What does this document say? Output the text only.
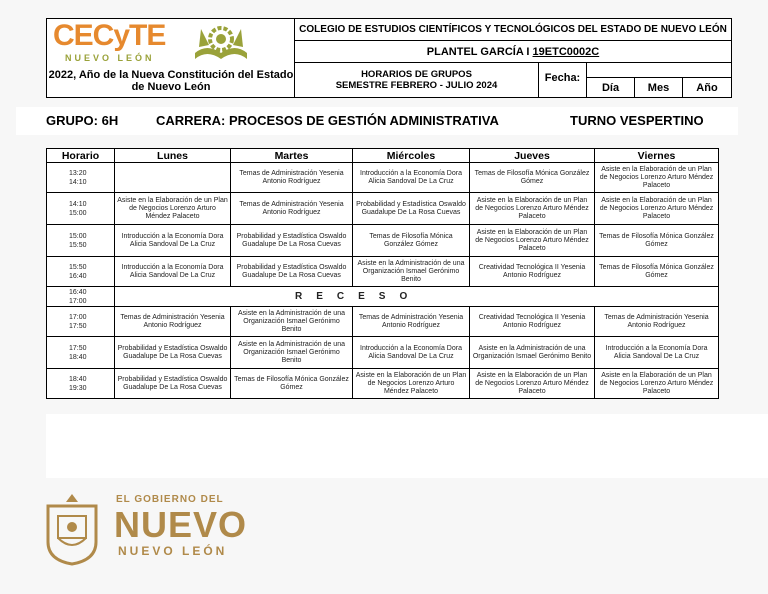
CECyTE
NUEVO LEÓN
2022, Año de la Nueva Constitución del Estado de Nuevo León
COLEGIO DE ESTUDIOS CIENTÍFICOS Y TECNOLÓGICOS DEL ESTADO DE NUEVO LEÓN
PLANTEL GARCÍA I 19ETC0002C
HORARIOS DE GRUPOS
SEMESTRE FEBRERO - JULIO 2024
Fecha:
Día	Mes	Año
GRUPO: 6H	CARRERA: PROCESOS DE GESTIÓN ADMINISTRATIVA	TURNO VESPERTINO
Horario	Lunes	Martes	Miércoles	Jueves	Viernes

13:20
14:10		Temas de Administración Yesenia Antonio Rodríguez	Introducción a la Economía Dora Alicia Sandoval De La Cruz	Temas de Filosofía Mónica González Gómez	Asiste en la Elaboración de un Plan de Negocios Lorenzo Arturo Méndez Palaceto

14:10
15:00	Asiste en la Elaboración de un Plan de Negocios Lorenzo Arturo Méndez Palaceto	Temas de Administración Yesenia Antonio Rodríguez	Probabilidad y Estadística Oswaldo Guadalupe De La Rosa Cuevas	Asiste en la Elaboración de un Plan de Negocios Lorenzo Arturo Méndez Palaceto	Asiste en la Elaboración de un Plan de Negocios Lorenzo Arturo Méndez Palaceto

15:00
15:50	Introducción a la Economía Dora Alicia Sandoval De La Cruz	Probabilidad y Estadística Oswaldo Guadalupe De La Rosa Cuevas	Temas de Filosofía Mónica González Gómez	Asiste en la Elaboración de un Plan de Negocios Lorenzo Arturo Méndez Palaceto	Temas de Filosofía Mónica González Gómez

15:50
16:40	Introducción a la Economía Dora Alicia Sandoval De La Cruz	Probabilidad y Estadística Oswaldo Guadalupe De La Rosa Cuevas	Asiste en la Administración de una Organización Ismael Gerónimo Benito	Creatividad Tecnológica II Yesenia Antonio Rodríguez	Temas de Filosofía Mónica González Gómez

16:40
17:00	RECESO				

17:00
17:50	Temas de Administración Yesenia Antonio Rodríguez	Asiste en la Administración de una Organización Ismael Gerónimo Benito	Temas de Administración Yesenia Antonio Rodríguez	Creatividad Tecnológica II Yesenia Antonio Rodríguez	Temas de Administración Yesenia Antonio Rodríguez

17:50
18:40	Probabilidad y Estadística Oswaldo Guadalupe De La Rosa Cuevas	Asiste en la Administración de una Organización Ismael Gerónimo Benito	Introducción a la Economía Dora Alicia Sandoval De La Cruz	Asiste en la Administración de una Organización Ismael Gerónimo Benito	Introducción a la Economía Dora Alicia Sandoval De La Cruz

18:40
19:30	Probabilidad y Estadística Oswaldo Guadalupe De La Rosa Cuevas	Temas de Filosofía Mónica González Gómez	Asiste en la Elaboración de un Plan de Negocios Lorenzo Arturo Méndez Palaceto	Asiste en la Elaboración de un Plan de Negocios Lorenzo Arturo Méndez Palaceto	Asiste en la Elaboración de un Plan de Negocios Lorenzo Arturo Méndez Palaceto
EL GOBIERNO DEL
NUEVO
NUEVO LEÓN
